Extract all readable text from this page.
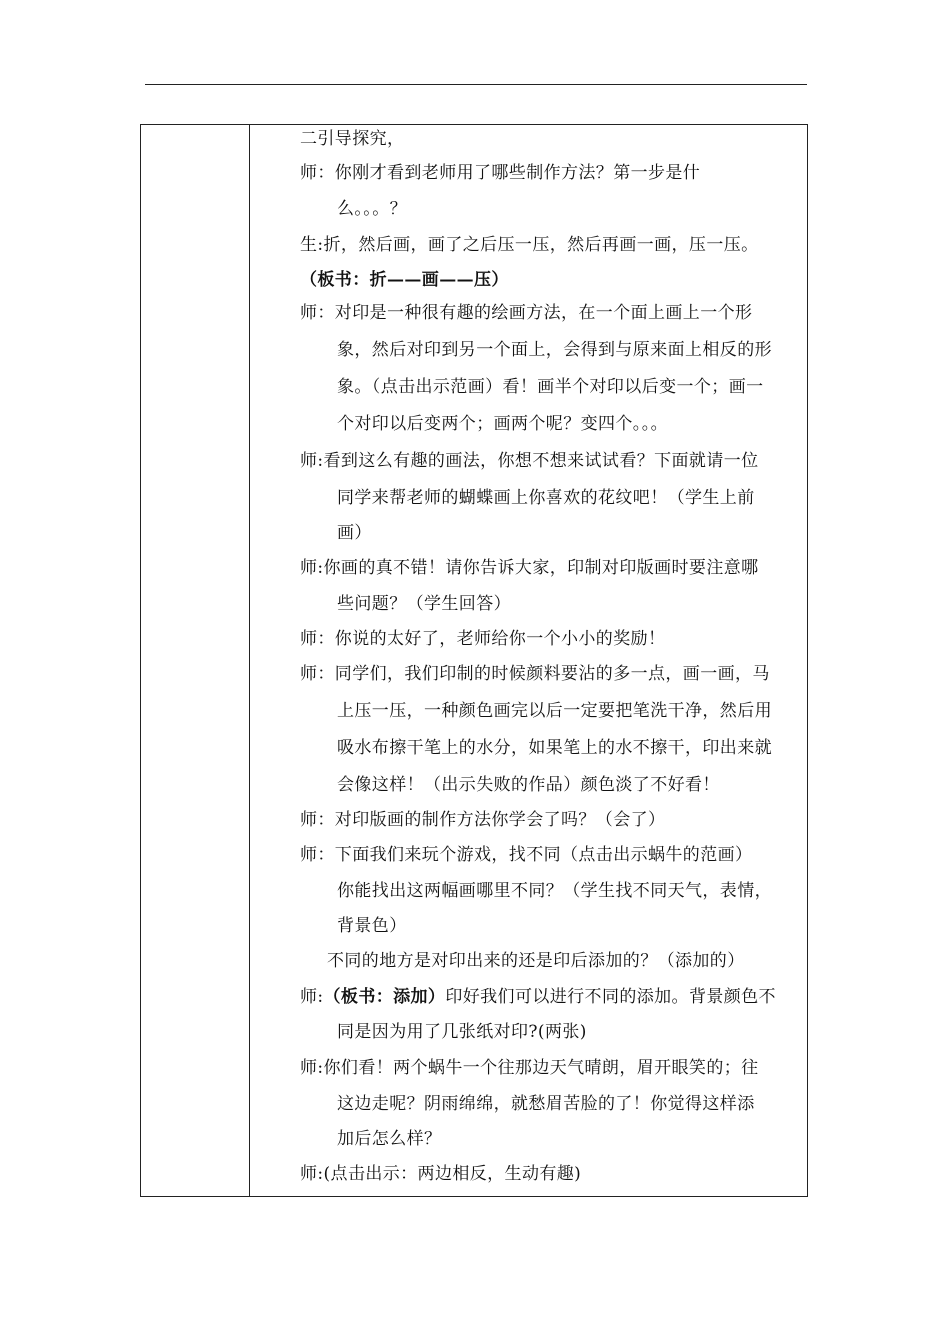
二引导探究，
师：你刚才看到老师用了哪些制作方法？第一步是什
么。。。？
生:折，然后画，画了之后压一压，然后再画一画，压一压。
（板书：折——画——压）
师：对印是一种很有趣的绘画方法，在一个面上画上一个形
象，然后对印到另一个面上，会得到与原来面上相反的形
象。（点击出示范画）看！画半个对印以后变一个；画一
个对印以后变两个；画两个呢？变四个。。。
师:看到这么有趣的画法，你想不想来试试看？下面就请一位
同学来帮老师的蝴蝶画上你喜欢的花纹吧！（学生上前
画）
师:你画的真不错！请你告诉大家，印制对印版画时要注意哪
些问题？（学生回答）
师：你说的太好了，老师给你一个小小的奖励！
师：同学们，我们印制的时候颜料要沾的多一点，画一画，马
上压一压，一种颜色画完以后一定要把笔洗干净，然后用
吸水布擦干笔上的水分，如果笔上的水不擦干，印出来就
会像这样！（出示失败的作品）颜色淡了不好看！
师：对印版画的制作方法你学会了吗？（会了）
师：下面我们来玩个游戏，找不同（点击出示蜗牛的范画）
你能找出这两幅画哪里不同？（学生找不同天气，表情，
背景色）
不同的地方是对印出来的还是印后添加的？（添加的）
师:（板书：添加）印好我们可以进行不同的添加。背景颜色不
同是因为用了几张纸对印?(两张)
师:你们看！两个蜗牛一个往那边天气晴朗，眉开眼笑的；往
这边走呢？阴雨绵绵，就愁眉苦脸的了！你觉得这样添
加后怎么样？
师:(点击出示：两边相反，生动有趣)
